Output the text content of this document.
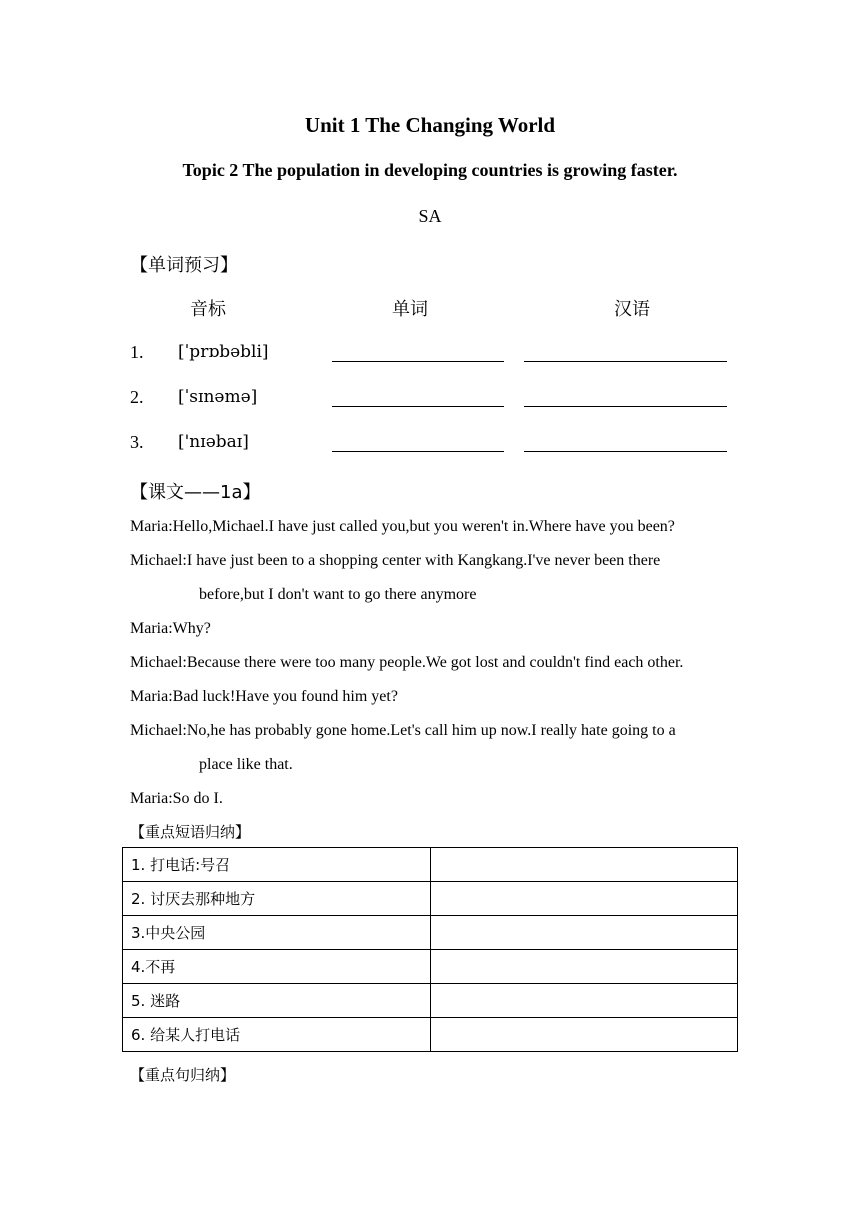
Unit 1 The Changing World
Topic 2 The population in developing countries is growing faster.
SA
【单词预习】
音标	单词	汉语
1. [ˈprɒbəbli]
2. [ˈsɪnəmə]
3. ['nɪəbaɪ]
【课文——1a】
Maria:Hello,Michael.I have just called you,but you weren't in.Where have you been?
Michael:I have just been to a shopping center with Kangkang.I've never been there
before,but I don't want to go there anymore
Maria:Why?
Michael:Because there were too many people.We got lost and couldn't find each other.
Maria:Bad luck!Have you found him yet?
Michael:No,he has probably gone home.Let's call him up now.I really hate going to a
place like that.
Maria:So do I.
【重点短语归纳】
1. 打电话:号召	
2. 讨厌去那种地方	
3.中央公园	
4.不再	
5. 迷路	
6. 给某人打电话	
【重点句归纳】
